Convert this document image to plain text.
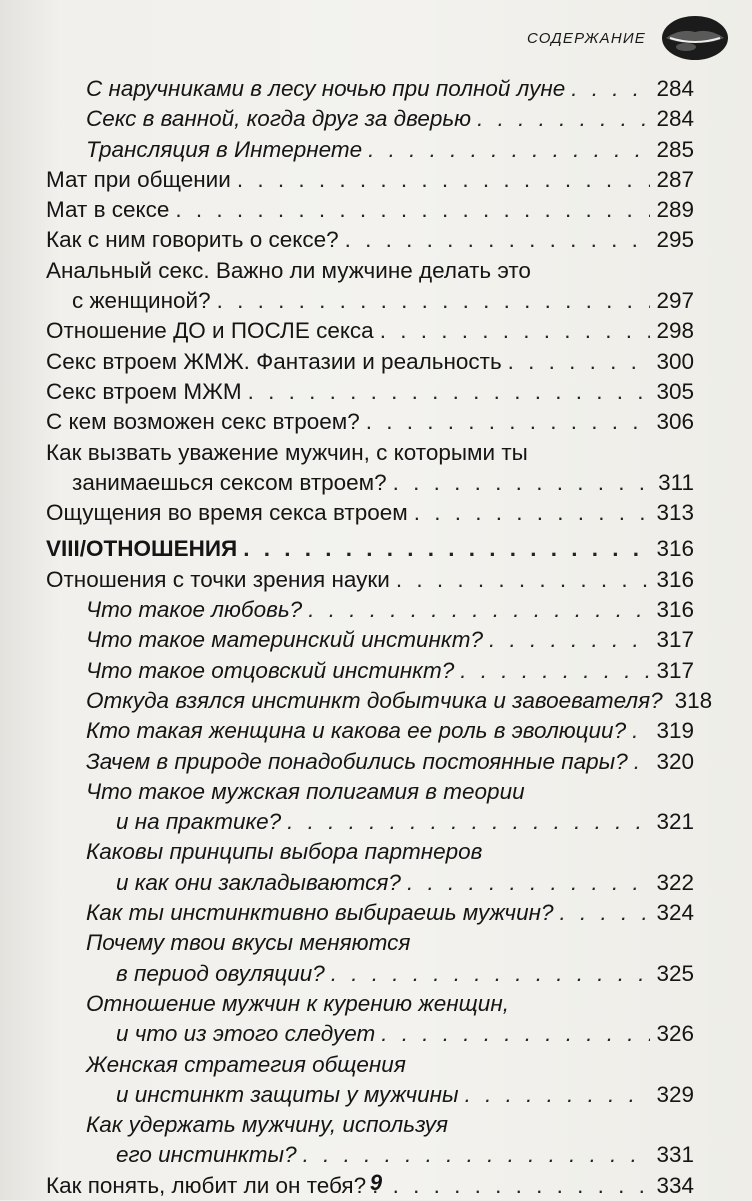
СОДЕРЖАНИЕ
С наручниками в лесу ночью при полной луне . . .	284
Секс в ванной, когда друг за дверью . . .	284
Трансляция в Интернете . . .	285
Мат при общении . . .	287
Мат в сексе . . .	289
Как с ним говорить о сексе? . . .	295
Анальный секс. Важно ли мужчине делать это
с женщиной? . . .	297
Отношение ДО и ПОСЛЕ секса . . .	298
Секс втроем ЖМЖ. Фантазии и реальность . . .	300
Секс втроем МЖМ . . .	305
С кем возможен секс втроем? . . .	306
Как вызвать уважение мужчин, с которыми ты
занимаешься сексом втроем? . . .	311
Ощущения во время секса втроем . . .	313
VIII/ОТНОШЕНИЯ . . .	316
Отношения с точки зрения науки . . .	316
Что такое любовь? . . .	316
Что такое материнский инстинкт? . . .	317
Что такое отцовский инстинкт? . . .	317
Откуда взялся инстинкт добытчика и завоевателя? 318
Кто такая женщина и какова ее роль в эволюции? . . . 319
Зачем в природе понадобились постоянные пары? . . . 320
Что такое мужская полигамия в теории
и на практике? . . .	321
Каковы принципы выбора партнеров
и как они закладываются? . . .	322
Как ты инстинктивно выбираешь мужчин? . . .	324
Почему твои вкусы меняются
в период овуляции? . . .	325
Отношение мужчин к курению женщин,
и что из этого следует . . .	326
Женская стратегия общения
и инстинкт защиты у мужчины . . .	329
Как удержать мужчину, используя
его инстинкты? . . .	331
Как понять, любит ли он тебя? . . .	334
9
